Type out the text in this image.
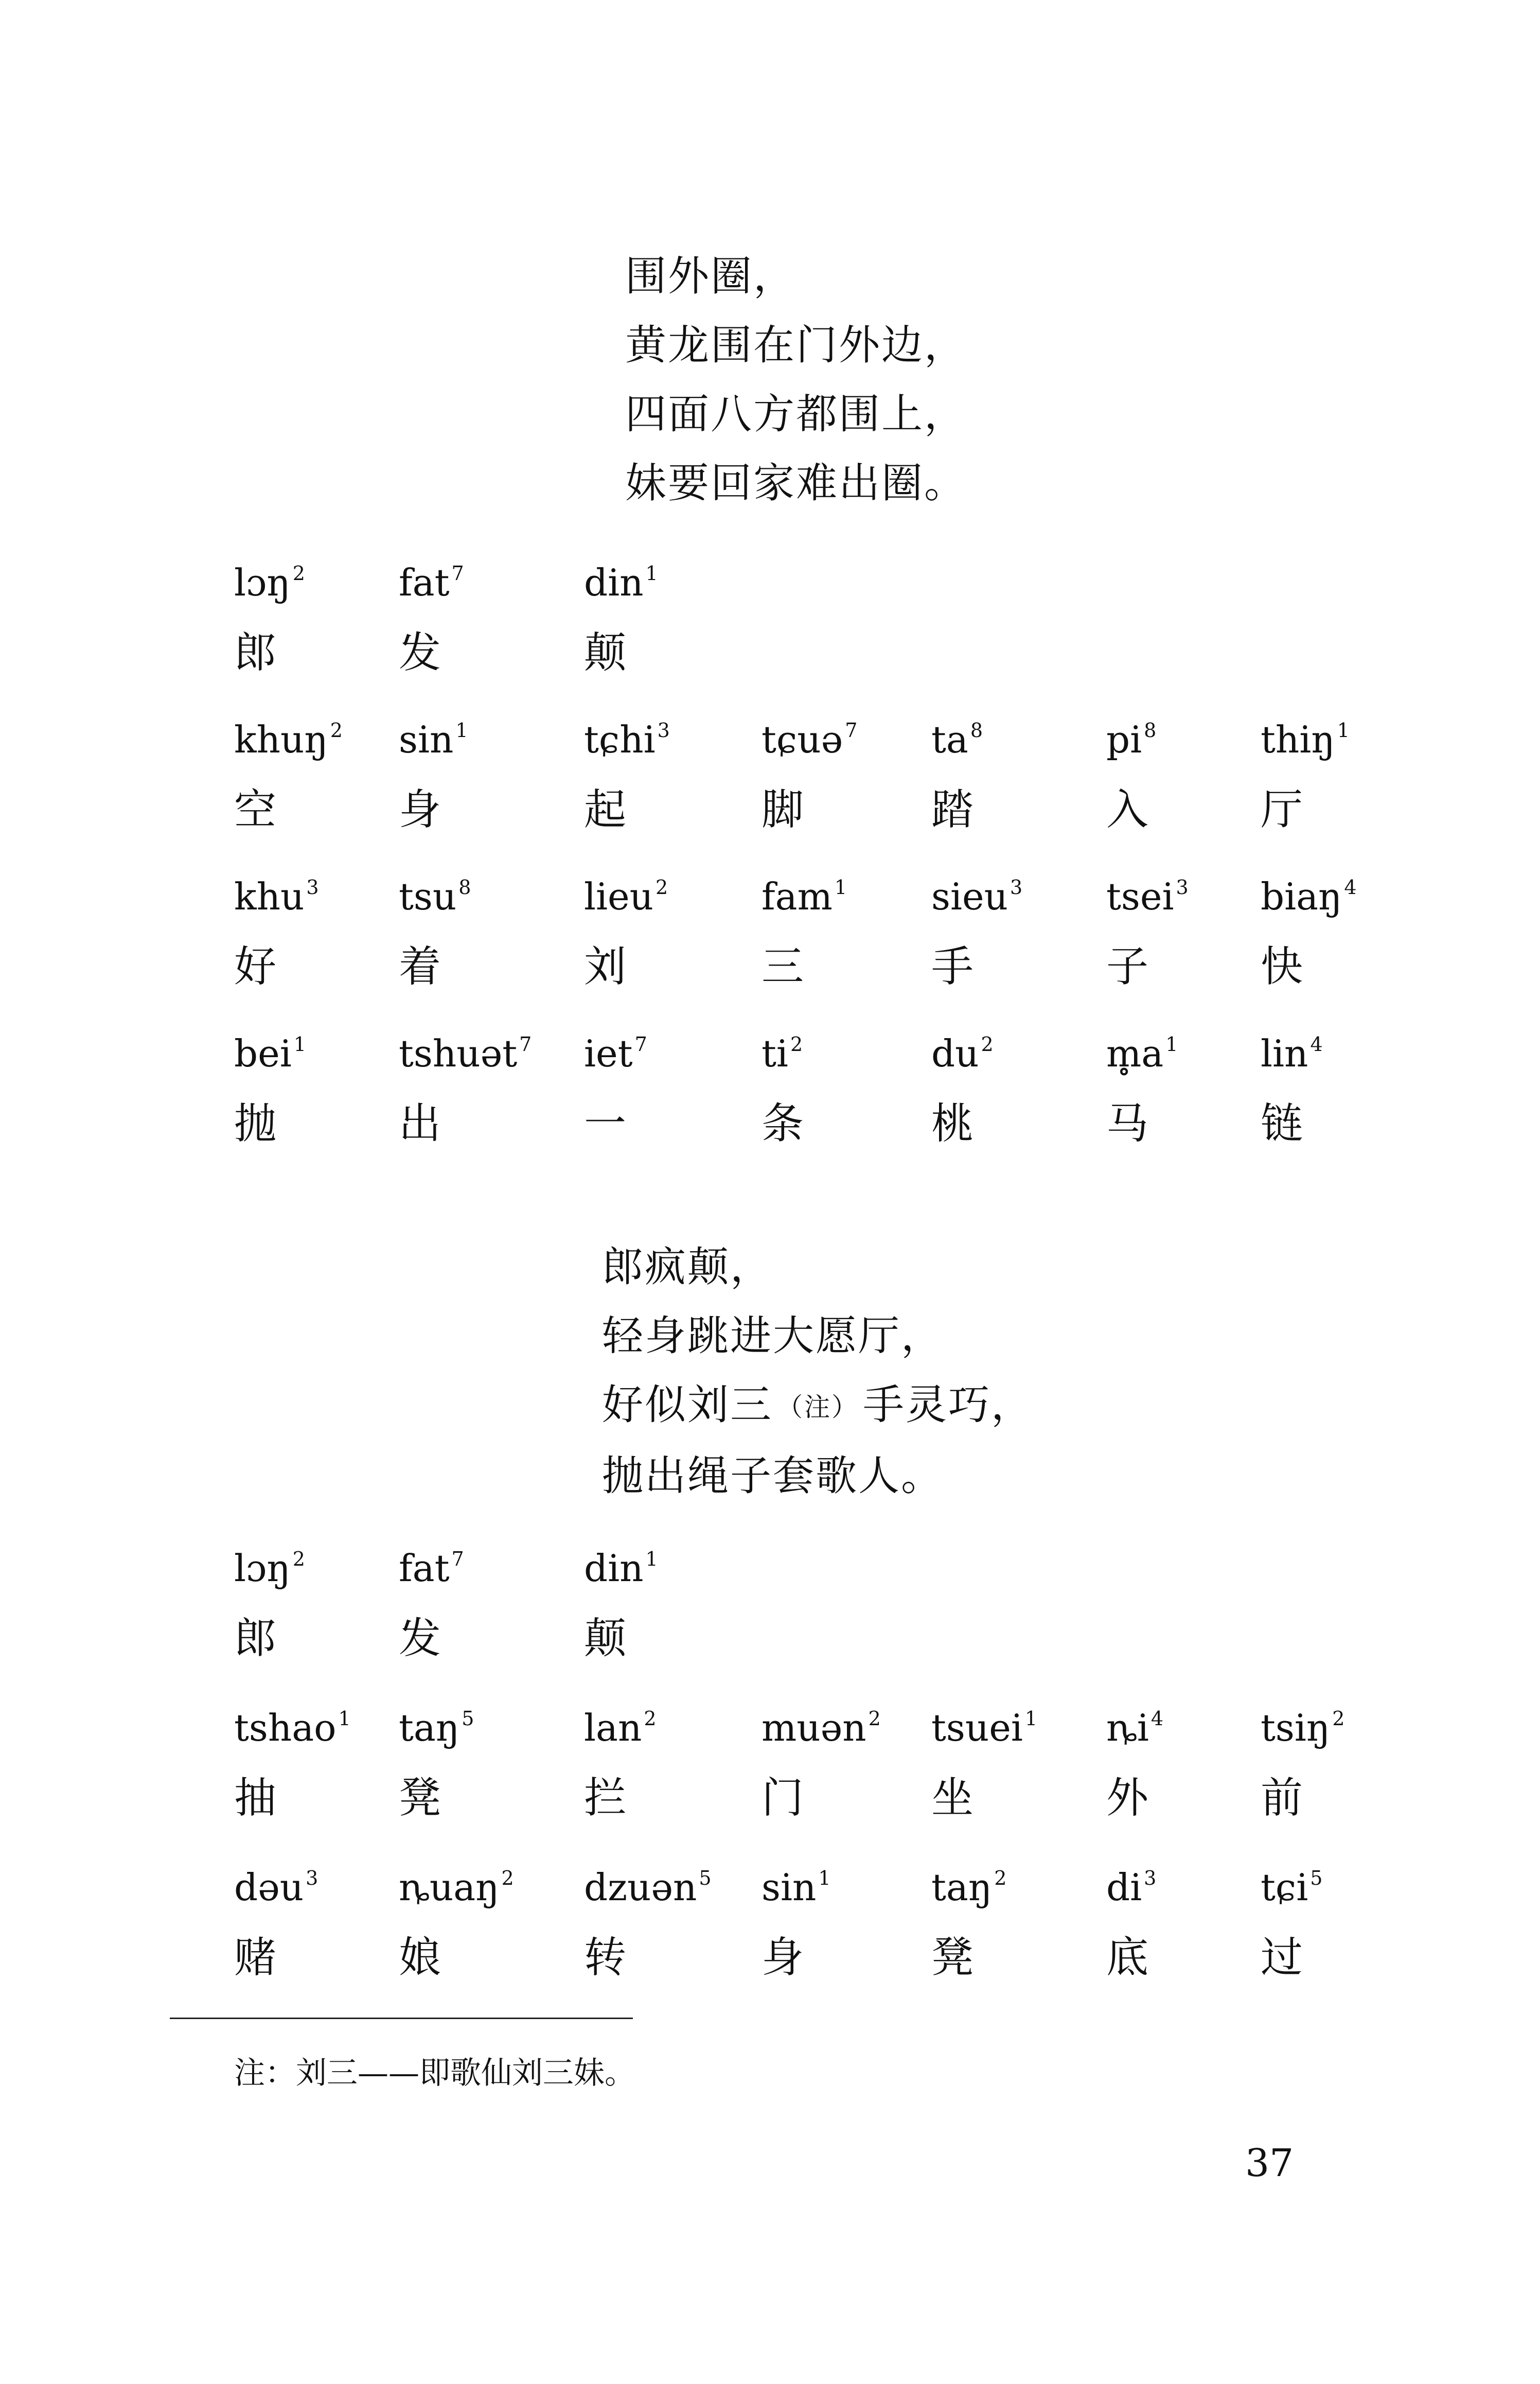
围外圈，
黄龙围在门外边，
四面八方都围上，
妹要回家难出圈。
lɔŋ $^2$
郎
fat $^7$
发
din $^1$
颠
khuŋ $^2$
空
sin $^1$
身
tɕhi $^3$
起
tɕuə $^7$
脚
ta $^8$
踏
pi $^8$
入
thiŋ $^1$
厅
khu $^3$
好
tsu $^8$
着
lieu $^2$
刘
fam $^1$
三
sieu $^3$
手
tsei $^3$
子
biaŋ $^4$
快
bei $^1$
抛
tshuət $^7$
出
iet $^7$
一
ti $^2$
条
du $^2$
桃
m̥a $^1$
马
lin $^4$
链
郎疯颠，
轻身跳进大愿厅，
好似刘三 （注） 手灵巧，
抛出绳子套歌人。
lɔŋ $^2$
郎
fat $^7$
发
din $^1$
颠
tshao $^1$
抽
taŋ $^5$
凳
lan $^2$
拦
muən $^2$
门
tsuei $^1$
坐
ȵi $^4$
外
tsiŋ $^2$
前
dəu $^3$
赌
ȵuaŋ $^2$
娘
dzuən $^5$
转
sin $^1$
身
taŋ $^2$
凳
di $^3$
底
tɕi $^5$
过
注：刘三——即歌仙刘三妹。
37
